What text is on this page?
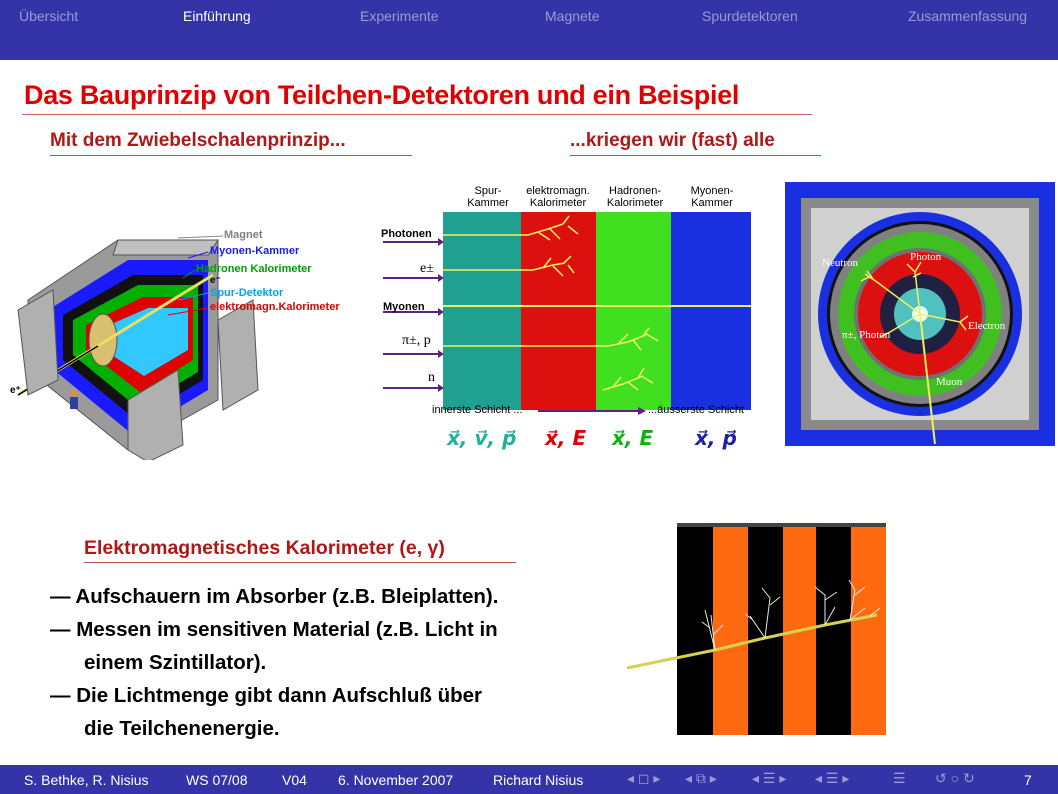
Übersicht	Einführung	Experimente	Magnete	Spurdetektoren	Zusammenfassung
Das Bauprinzip von Teilchen-Detektoren und ein Beispiel
Mit dem Zwiebelschalenprinzip...	...kriegen wir (fast) alle
Magnet
Myonen-Kammer
Hadronen Kalorimeter
e⁻
Spur-Detektor
elektromagn.Kalorimeter
e⁺
Spur-
Kammer
elektromagn.
Kalorimeter
Hadronen-
Kalorimeter
Myonen-
Kammer
Photonen
e±
Myonen
π±, p
n
innerste Schicht ...	...äusserste Schicht
x⃗, v⃗, p⃗ x⃗, E x⃗, E x⃗, p⃗
Neutron	Photon
π±, Photon
Electron
Muon
Elektromagnetisches Kalorimeter (e, γ)
— Aufschauern im Absorber (z.B. Bleiplatten).
— Messen im sensitiven Material (z.B. Licht in
einem Szintillator).
— Die Lichtmenge gibt dann Aufschluß über
die Teilchenenergie.
S. Bethke, R. Nisius	WS 07/08 V04 6. November 2007	Richard Nisius	7
◂ ◻ ▸ ◂ ⧉ ▸	◂ ☰ ▸ ◂ ☰ ▸	☰ ↺ ○ ↻
